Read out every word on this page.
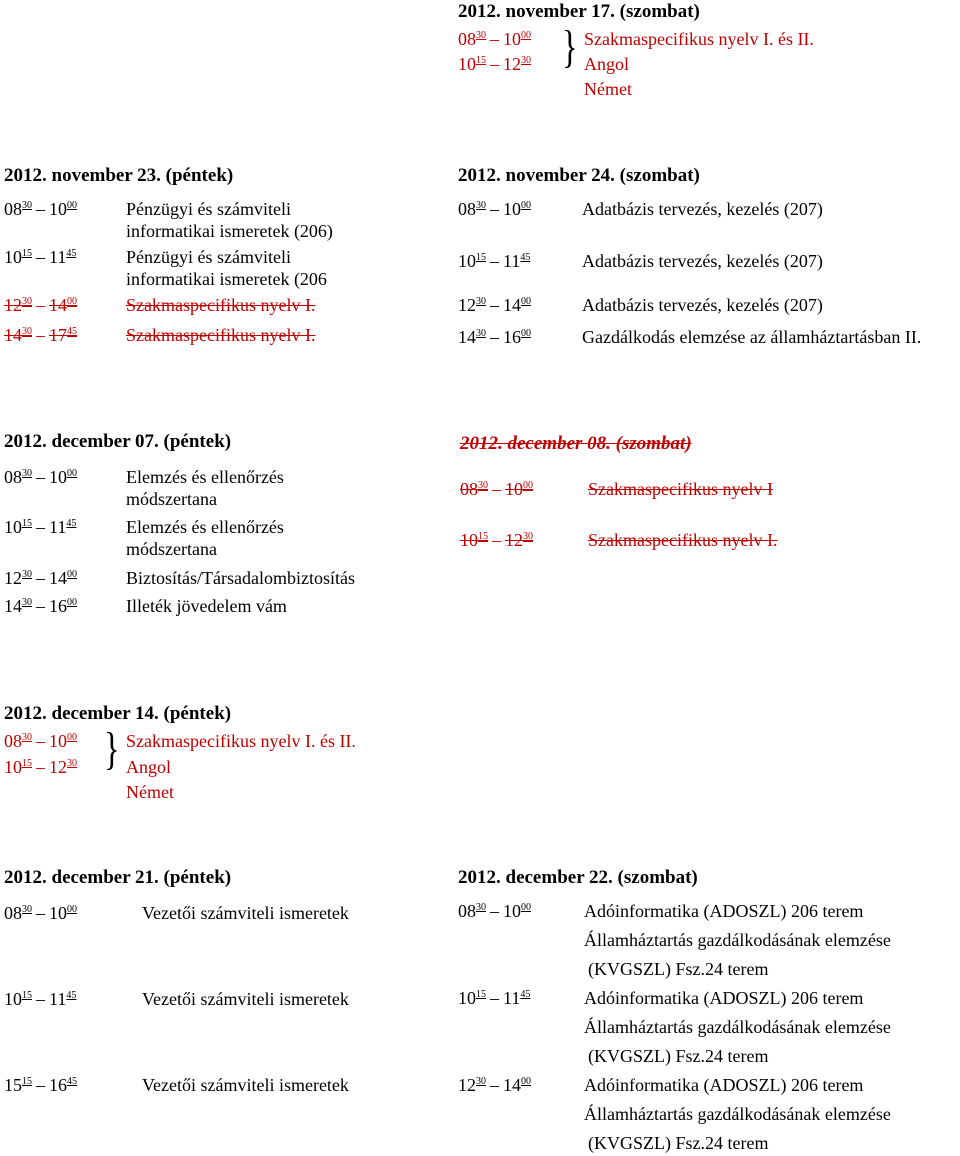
2012. november 17. (szombat)
$08^{30} - 10^{00}$	Szakmaspecifikus nyelv I. és II.
$10^{15} - 12^{30}$	Angol
Német
}
2012. november 23. (péntek)
$08^{30} - 10^{00}$	Pénzügyi és számviteli
informatikai ismeretek (206)
$10^{15} - 11^{45}$	Pénzügyi és számviteli
informatikai ismeretek (206
$12^{30} - 14^{00}$	Szakmaspecifikus nyelv I.
$14^{30} - 17^{45}$	Szakmaspecifikus nyelv I.
2012. november 24. (szombat)
$08^{30} - 10^{00}$	Adatbázis tervezés, kezelés (207)
$10^{15} - 11^{45}$	Adatbázis tervezés, kezelés (207)
$12^{30} - 14^{00}$	Adatbázis tervezés, kezelés (207)
$14^{30} - 16^{00}$	Gazdálkodás elemzése az államháztartásban II.
2012. december 07. (péntek)
$08^{30} - 10^{00}$	Elemzés és ellenőrzés
módszertana
$10^{15} - 11^{45}$	Elemzés és ellenőrzés
módszertana
$12^{30} - 14^{00}$	Biztosítás/Társadalombiztosítás
$14^{30} - 16^{00}$	Illeték jövedelem vám
2012. december 08. (szombat)
$08^{30} - 10^{00}$	Szakmaspecifikus nyelv I
$10^{15} - 12^{30}$	Szakmaspecifikus nyelv I.
2012. december 14. (péntek)
$08^{30} - 10^{00}$	Szakmaspecifikus nyelv I. és II.
$10^{15} - 12^{30}$	Angol
Német
}
2012. december 21. (péntek)
$08^{30} - 10^{00}$	Vezetői számviteli ismeretek
$10^{15} - 11^{45}$	Vezetői számviteli ismeretek
$15^{15} - 16^{45}$	Vezetői számviteli ismeretek
2012. december 22. (szombat)
$08^{30} - 10^{00}$	Adóinformatika (ADOSZL) 206 terem
Államháztartás gazdálkodásának elemzése
(KVGSZL) Fsz.24 terem
$10^{15} - 11^{45}$	Adóinformatika (ADOSZL) 206 terem
Államháztartás gazdálkodásának elemzése
(KVGSZL) Fsz.24 terem
$12^{30} - 14^{00}$	Adóinformatika (ADOSZL) 206 terem
Államháztartás gazdálkodásának elemzése
(KVGSZL) Fsz.24 terem
